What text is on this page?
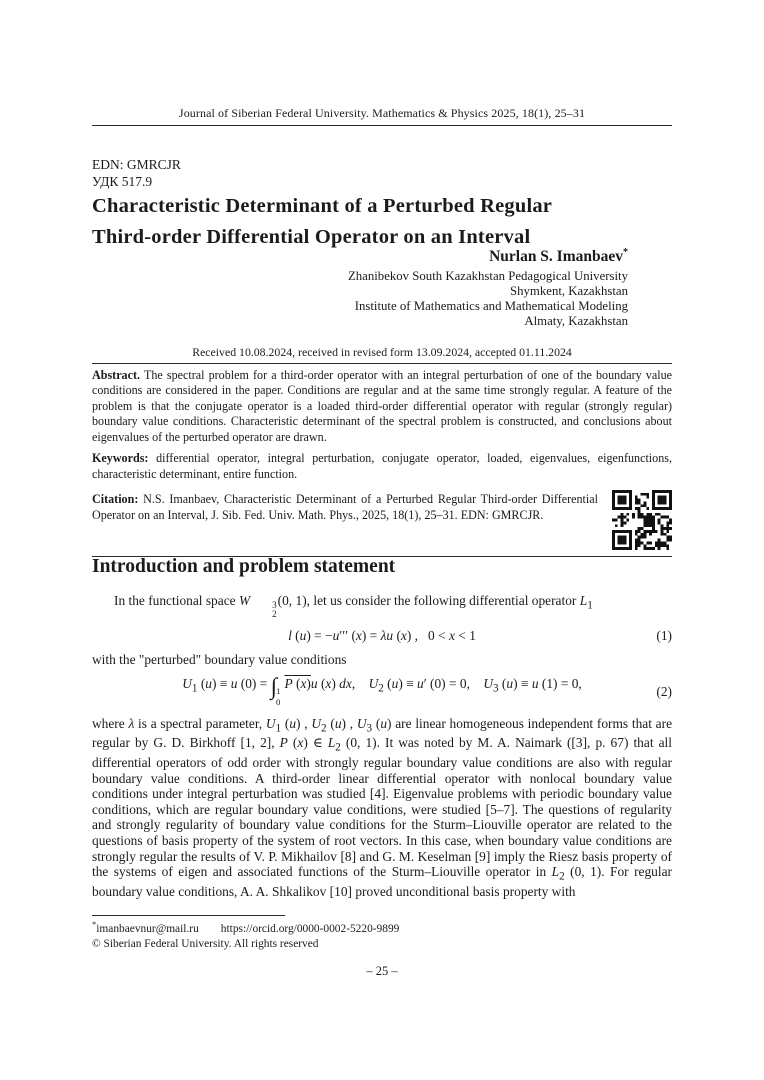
Journal of Siberian Federal University. Mathematics & Physics 2025, 18(1), 25–31
EDN: GMRCJR
УДК 517.9
Characteristic Determinant of a Perturbed Regular
Third-order Differential Operator on an Interval
Nurlan S. Imanbaev*
Zhanibekov South Kazakhstan Pedagogical University
Shymkent, Kazakhstan
Institute of Mathematics and Mathematical Modeling
Almaty, Kazakhstan
Received 10.08.2024, received in revised form 13.09.2024, accepted 01.11.2024

Abstract. The spectral problem for a third-order operator with an integral perturbation of one of the boundary value conditions are considered in the paper. Conditions are regular and at the same time strongly regular. A feature of the problem is that the conjugate operator is a loaded third-order differential operator with regular (strongly regular) boundary value conditions. Characteristic determinant of the spectral problem is constructed, and conclusions about eigenvalues of the perturbed operator are drawn.

Keywords: differential operator, integral perturbation, conjugate operator, loaded, eigenvalues, eigenfunctions, characteristic determinant, entire function.

Citation: N.S. Imanbaev, Characteristic Determinant of a Perturbed Regular Third-order Differential Operator on an Interval, J. Sib. Fed. Univ. Math. Phys., 2025, 18(1), 25–31. EDN: GMRCJR.

Introduction and problem statement

In the functional space W	3
2
(0, 1), let us consider the following differential operator $L_1$

l (u) = −u′′′ (x) = λu (x) ,  0 < x < 1	(1)

with the "perturbed" boundary value conditions

$U_1$ (u) ≡ u (0) = ∫ 1
0
P (x)u (x) dx, $U_2$ (u) ≡ u′ (0) = 0, $U_3$ (u) ≡ u (1) = 0,
(2)

where λ is a spectral parameter, $U_1$ (u) , $U_2$ (u) , $U_3$ (u) are linear homogeneous independent forms that are regular by G. D. Birkhoff [1, 2], P (x) ∈ $L_2$ (0, 1). It was noted by M. A. Naimark ([3], p. 67) that all differential operators of odd order with strongly regular boundary value conditions are also with regular boundary value conditions. A third-order linear differential operator with nonlocal boundary value conditions under integral perturbation was studied [4]. Eigenvalue problems with periodic boundary value conditions, which are regular boundary value conditions, were studied [5–7]. The questions of regularity and strongly regularity of boundary value conditions for the Sturm–Liouville operator are related to the questions of basis property of the system of root vectors. In this case, when boundary value conditions are strongly regular the results of V. P. Mikhailov [8] and G. M. Keselman [9] imply the Riesz basis property of the systems of eigen and associated functions of the Sturm–Liouville operator in $L_2$ (0, 1). For regular boundary value conditions, A. A. Shkalikov [10] proved unconditional basis property with

*imanbaevnur@mail.ru https://orcid.org/0000-0002-5220-9899
© Siberian Federal University. All rights reserved
– 25 –
